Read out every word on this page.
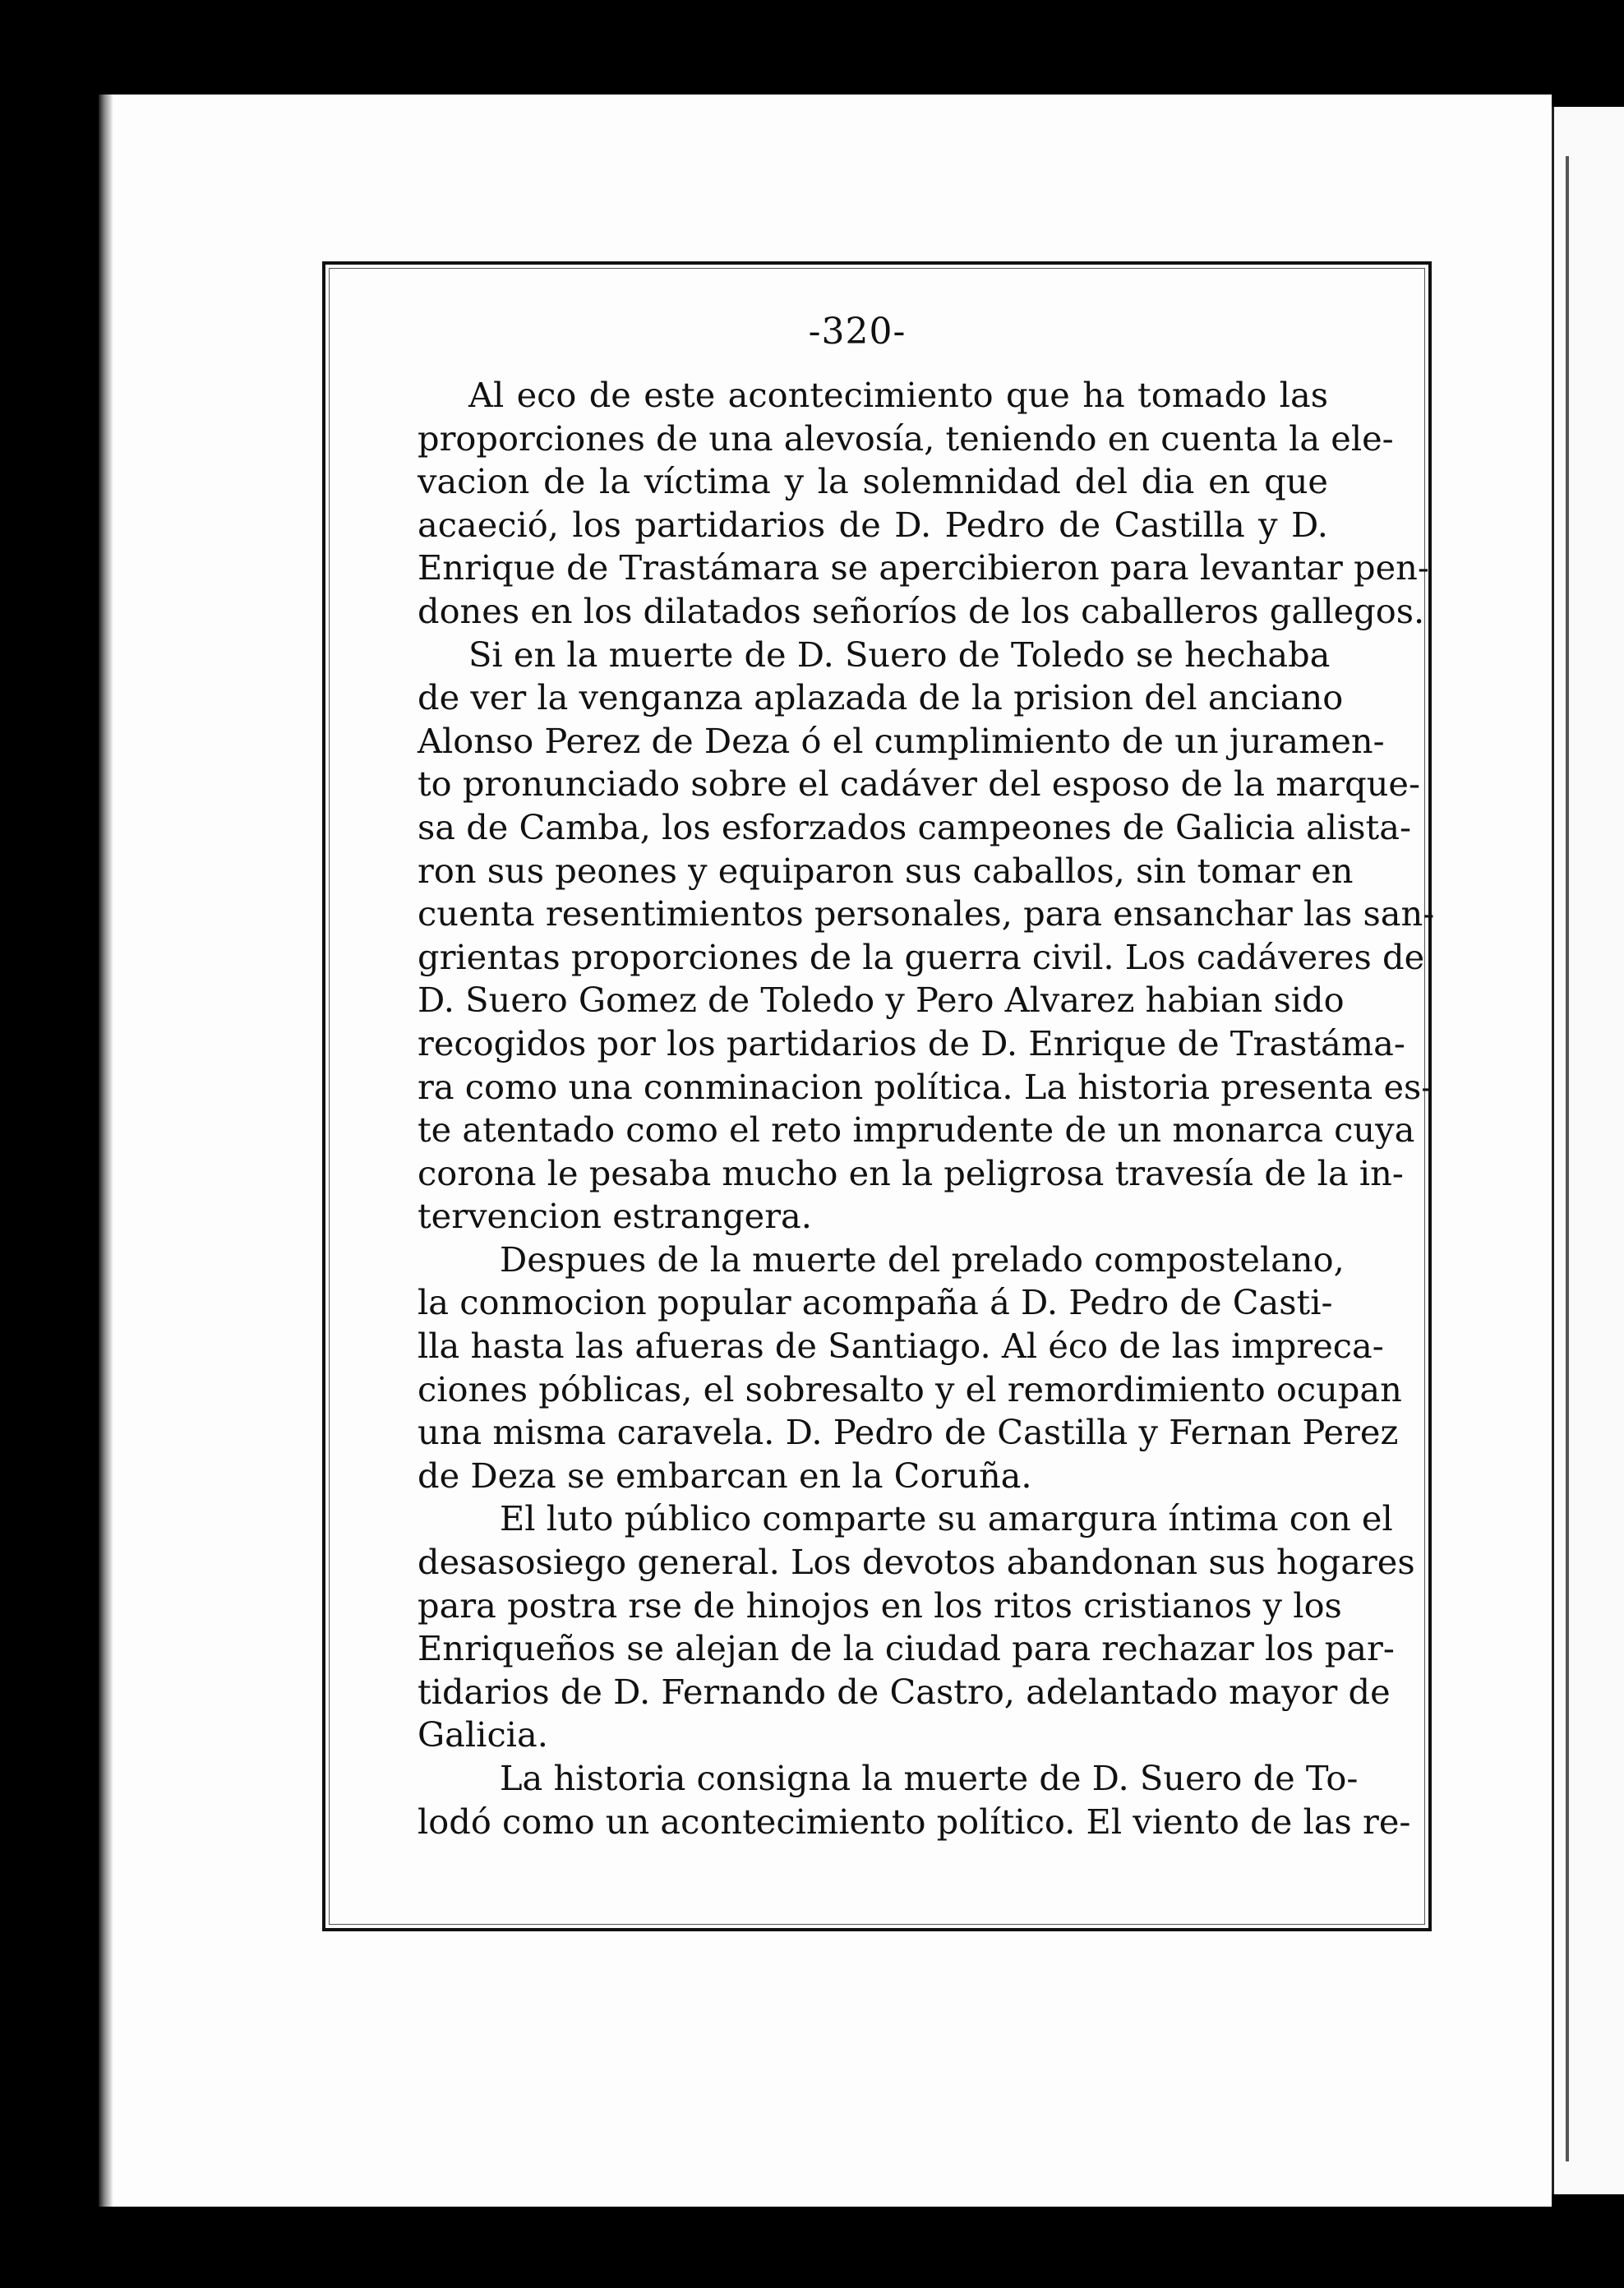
-320-
Al eco de este acontecimiento que ha tomado las
proporciones de una alevosía, teniendo en cuenta la ele-
vacion de la víctima y la solemnidad del dia en que
acaeció, los partidarios de D. Pedro de Castilla y D.
Enrique de Trastámara se apercibieron para levantar pen-
dones en los dilatados señoríos de los caballeros gallegos.
Si en la muerte de D. Suero de Toledo se hechaba
de ver la venganza aplazada de la prision del anciano
Alonso Perez de Deza ó el cumplimiento de un juramen-
to pronunciado sobre el cadáver del esposo de la marque-
sa de Camba, los esforzados campeones de Galicia alista-
ron sus peones y equiparon sus caballos, sin tomar en
cuenta resentimientos personales, para ensanchar las san-
grientas proporciones de la guerra civil. Los cadáveres de
D. Suero Gomez de Toledo y Pero Alvarez habian sido
recogidos por los partidarios de D. Enrique de Trastáma-
ra como una conminacion política. La historia presenta es-
te atentado como el reto imprudente de un monarca cuya
corona le pesaba mucho en la peligrosa travesía de la in-
tervencion estrangera.
Despues de la muerte del prelado compostelano,
la conmocion popular acompaña á D. Pedro de Casti-
lla hasta las afueras de Santiago. Al éco de las impreca-
ciones póblicas, el sobresalto y el remordimiento ocupan
una misma caravela. D. Pedro de Castilla y Fernan Perez
de Deza se embarcan en la Coruña.
El luto público comparte su amargura íntima con el
desasosiego general. Los devotos abandonan sus hogares
para postra rse de hinojos en los ritos cristianos y los
Enriqueños se alejan de la ciudad para rechazar los par-
tidarios de D. Fernando de Castro, adelantado mayor de
Galicia.
La historia consigna la muerte de D. Suero de To-
lodó como un acontecimiento político. El viento de las re-
